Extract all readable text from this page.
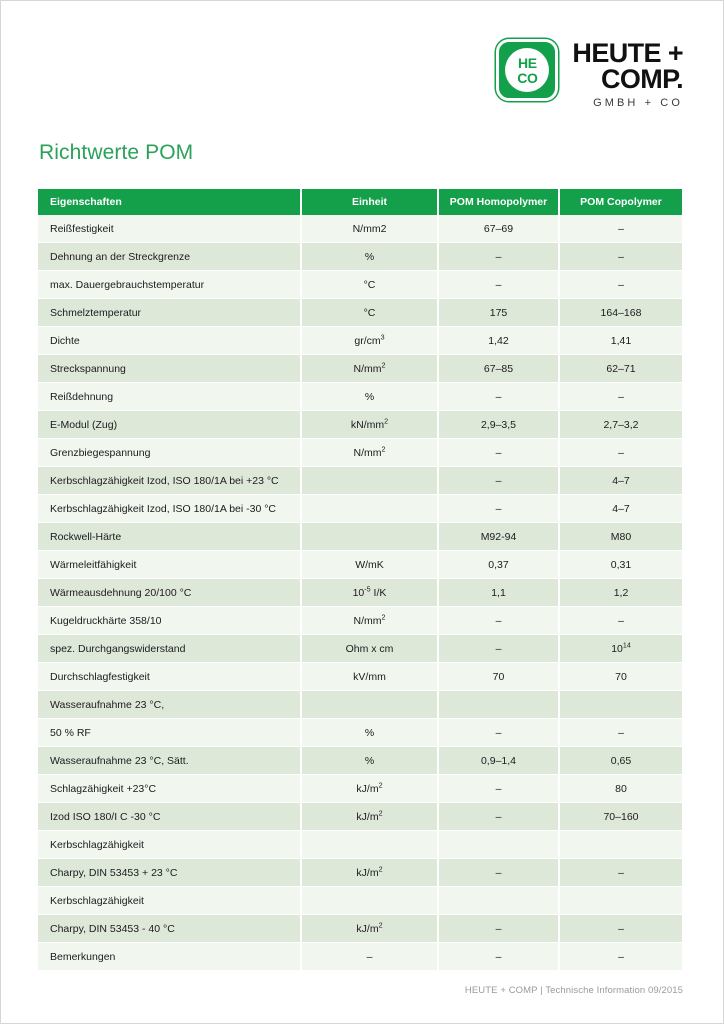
HE
CO
HEUTE +
COMP.
GMBH + CO
Richtwerte POM
Eigenschaften	Einheit	POM Homopolymer	POM Copolymer
Reißfestigkeit	N/mm2	67–69	–
Dehnung an der Streckgrenze	%	–	–
max. Dauergebrauchstemperatur	°C	–	–
Schmelztemperatur	°C	175	164–168
Dichte	$gr/cm^3$	1,42	1,41
Streckspannung	$N/mm^2$	67–85	62–71
Reißdehnung	%	–	–
E-Modul (Zug)	$kN/mm^2$	2,9–3,5	2,7–3,2
Grenzbiegespannung	$N/mm^2$	–	–
Kerbschlagzähigkeit Izod, ISO 180/1A bei +23 °C		–	4–7
Kerbschlagzähigkeit Izod, ISO 180/1A bei -30 °C		–	4–7
Rockwell-Härte		M92-94	M80
Wärmeleitfähigkeit	W/mK	0,37	0,31
Wärmeausdehnung 20/100 °C	$10^{-5}$ I/K	1,1	1,2
Kugeldruckhärte 358/10	$N/mm^2$	–	–
spez. Durchgangswiderstand	Ohm x cm	–	$10^{14}$
Durchschlagfestigkeit	kV/mm	70	70
Wasseraufnahme 23 °C,			
50 % RF	%	–	–
Wasseraufnahme 23 °C, Sätt.	%	0,9–1,4	0,65
Schlagzähigkeit +23°C	$kJ/m^2$	–	80
Izod ISO 180/I C -30 °C	$kJ/m^2$	–	70–160
Kerbschlagzähigkeit			
Charpy, DIN 53453 + 23 °C	$kJ/m^2$	–	–
Kerbschlagzähigkeit			
Charpy, DIN 53453 - 40 °C	$kJ/m^2$	–	–
Bemerkungen	–	–	–
HEUTE + COMP | Technische Information 09/2015
